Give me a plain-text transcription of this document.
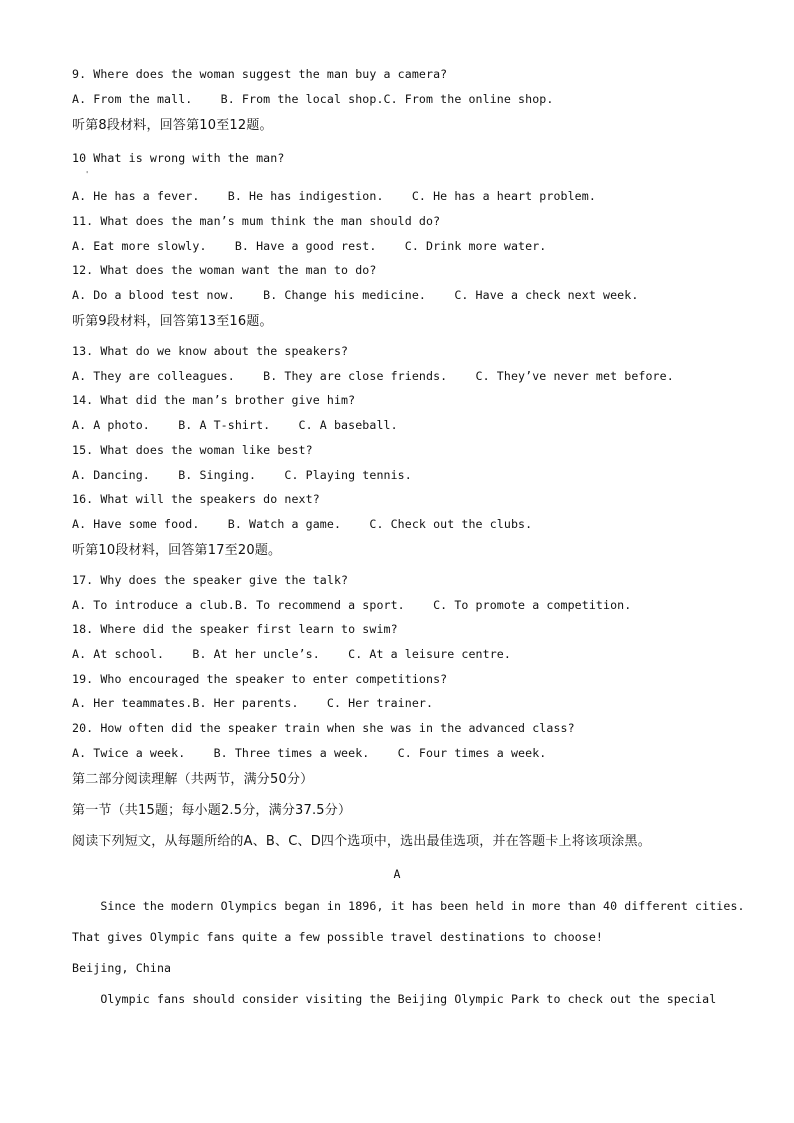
9. Where does the woman suggest the man buy a camera?
A. From the mall.    B. From the local shop.C. From the online shop.
听第8段材料，回答第10至12题。
10 What is wrong with the man?
'
A. He has a fever.    B. He has indigestion.    C. He has a heart problem.
11. What does the man’s mum think the man should do?
A. Eat more slowly.    B. Have a good rest.    C. Drink more water.
12. What does the woman want the man to do?
A. Do a blood test now.    B. Change his medicine.    C. Have a check next week.
听第9段材料，回答第13至16题。
13. What do we know about the speakers?
A. They are colleagues.    B. They are close friends.    C. They’ve never met before.
14. What did the man’s brother give him?
A. A photo.    B. A T-shirt.    C. A baseball.
15. What does the woman like best?
A. Dancing.    B. Singing.    C. Playing tennis.
16. What will the speakers do next?
A. Have some food.    B. Watch a game.    C. Check out the clubs.
听第10段材料，回答第17至20题。
17. Why does the speaker give the talk?
A. To introduce a club.B. To recommend a sport.    C. To promote a competition.
18. Where did the speaker first learn to swim?
A. At school.    B. At her uncle’s.    C. At a leisure centre.
19. Who encouraged the speaker to enter competitions?
A. Her teammates.B. Her parents.    C. Her trainer.
20. How often did the speaker train when she was in the advanced class?
A. Twice a week.    B. Three times a week.    C. Four times a week.
第二部分阅读理解（共两节，满分50分）
第一节（共15题；每小题2.5分，满分37.5分）
阅读下列短文，从每题所给的A、B、C、D四个选项中，选出最佳选项，并在答题卡上将该项涂黑。
A
Since the modern Olympics began in 1896, it has been held in more than 40 different cities.
That gives Olympic fans quite a few possible travel destinations to choose!
Beijing, China
Olympic fans should consider visiting the Beijing Olympic Park to check out the special
